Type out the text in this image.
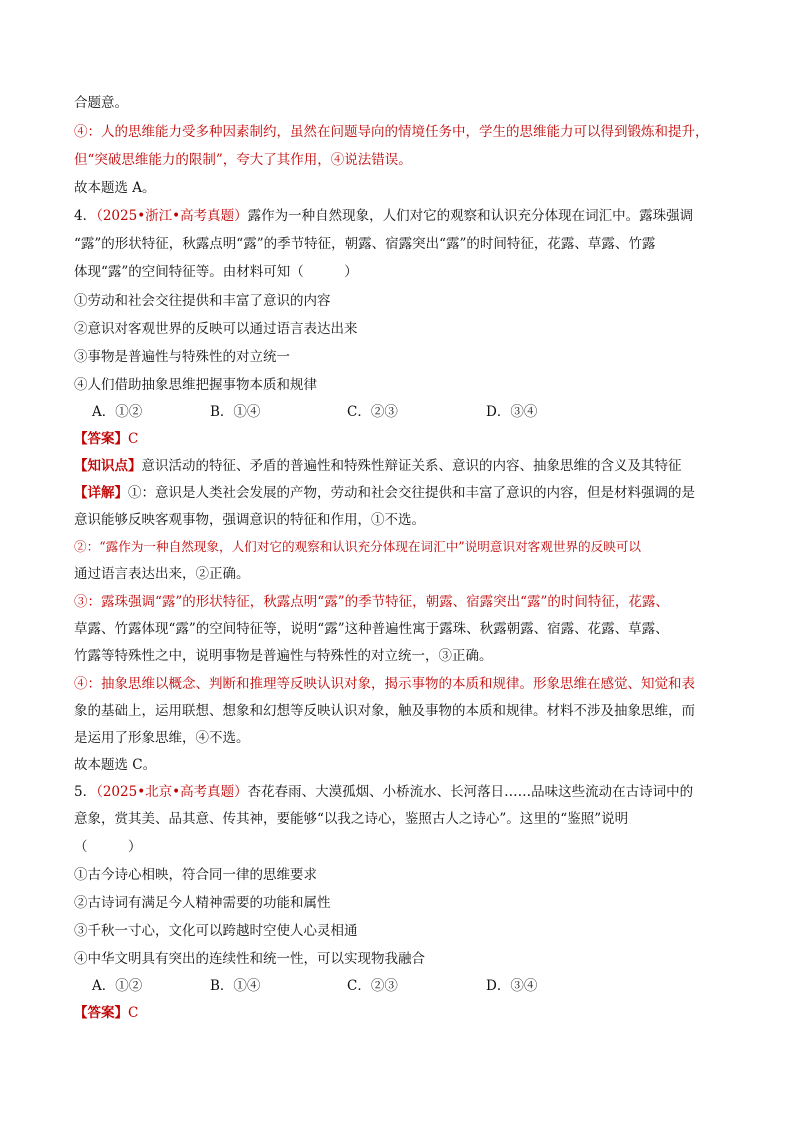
合题意。
④：人的思维能力受多种因素制约，虽然在问题导向的情境任务中，学生的思维能力可以得到锻炼和提升，
但“突破思维能力的限制”，夸大了其作用，④说法错误。
故本题选 A。
4．（2025•浙江•高考真题）露作为一种自然现象，人们对它的观察和认识充分体现在词汇中。露珠强调
“露”的形状特征，秋露点明“露”的季节特征，朝露、宿露突出“露”的时间特征，花露、草露、竹露
体现“露”的空间特征等。由材料可知（　　　）
①劳动和社会交往提供和丰富了意识的内容
②意识对客观世界的反映可以通过语言表达出来
③事物是普遍性与特殊性的对立统一
④人们借助抽象思维把握事物本质和规律
A．①②	B．①④	C．②③	D．③④
【答案】C
【知识点】意识活动的特征、矛盾的普遍性和特殊性辩证关系、意识的内容、抽象思维的含义及其特征
【详解】①：意识是人类社会发展的产物，劳动和社会交往提供和丰富了意识的内容，但是材料强调的是
意识能够反映客观事物，强调意识的特征和作用，①不选。
②：“露作为一种自然现象，人们对它的观察和认识充分体现在词汇中”说明意识对客观世界的反映可以
通过语言表达出来，②正确。
③：露珠强调“露”的形状特征，秋露点明“露”的季节特征，朝露、宿露突出“露”的时间特征，花露、
草露、竹露体现“露”的空间特征等，说明“露”这种普遍性寓于露珠、秋露朝露、宿露、花露、草露、
竹露等特殊性之中，说明事物是普遍性与特殊性的对立统一，③正确。
④：抽象思维以概念、判断和推理等反映认识对象，揭示事物的本质和规律。形象思维在感觉、知觉和表
象的基础上，运用联想、想象和幻想等反映认识对象，触及事物的本质和规律。材料不涉及抽象思维，而
是运用了形象思维，④不选。
故本题选 C。
5．（2025•北京•高考真题）杏花春雨、大漠孤烟、小桥流水、长河落日……品味这些流动在古诗词中的
意象，赏其美、品其意、传其神，要能够“以我之诗心，鉴照古人之诗心”。这里的“鉴照”说明
（　　　）
①古今诗心相映，符合同一律的思维要求
②古诗词有满足今人精神需要的功能和属性
③千秋一寸心，文化可以跨越时空使人心灵相通
④中华文明具有突出的连续性和统一性，可以实现物我融合
A．①②	B．①④	C．②③	D．③④
【答案】C
